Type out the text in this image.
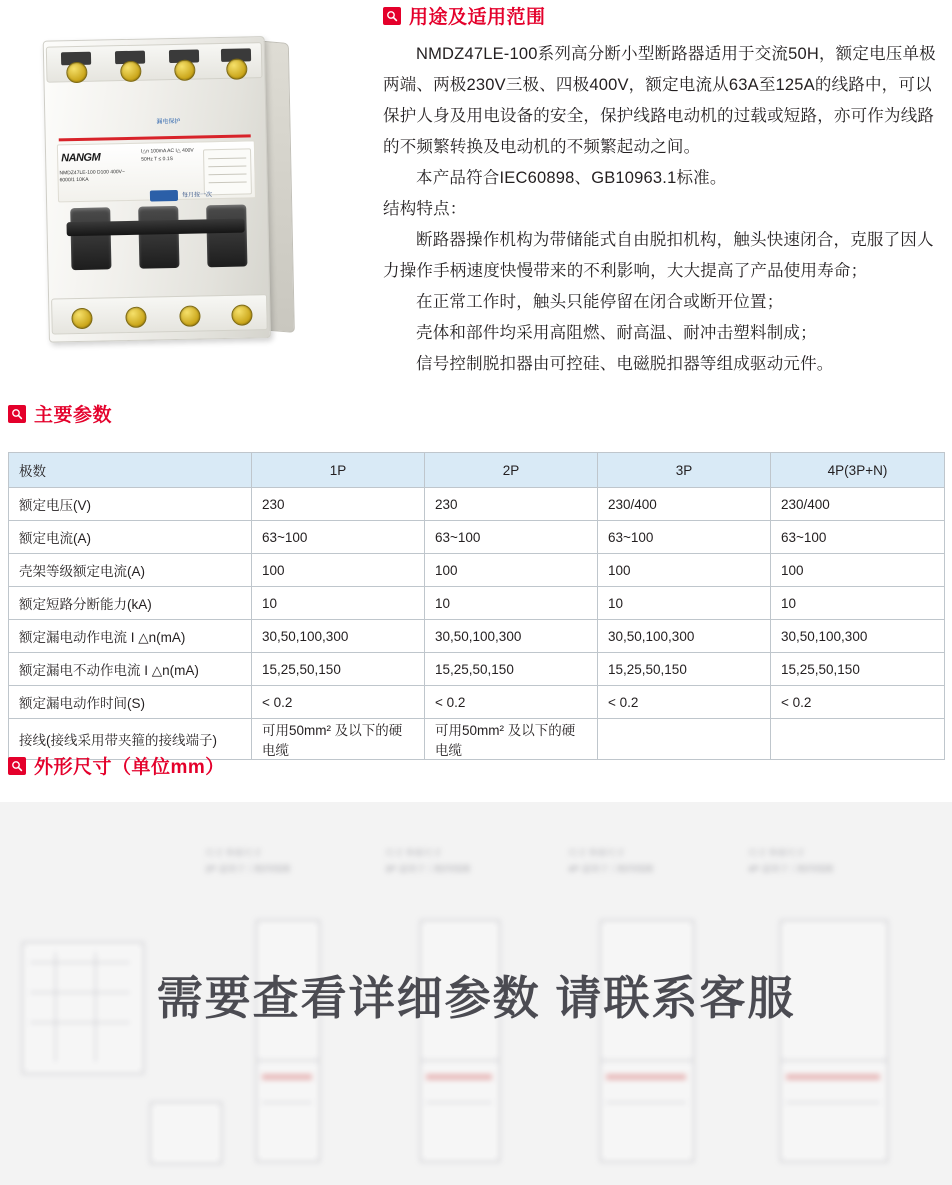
漏电保护
NANGM
NMDZ47LE-100 D100 400V~ 6000/1 10KA
I△n 100mA AC I△ 400V 50Hz T ≤ 0.1S
每月按一次
用途及适用范围

NMDZ47LE-100系列高分断小型断路器适用于交流50H，额定电压单极两端、两极230V三极、四极400V，额定电流从63A至125A的线路中，可以保护人身及用电设备的安全，保护线路电动机的过载或短路，亦可作为线路的不频繁转换及电动机的不频繁起动之间。

本产品符合IEC60898、GB10963.1标准。

结构特点：

断路器操作机构为带储能式自由脱扣机构，触头快速闭合，克服了因人力操作手柄速度快慢带来的不利影响，大大提高了产品使用寿命；

在正常工作时，触头只能停留在闭合或断开位置；

壳体和部件均采用高阻燃、耐高温、耐冲击塑料制成；

信号控制脱扣器由可控硅、电磁脱扣器等组成驱动元件。

主要参数
极数	1P	2P	3P	4P(3P+N)
额定电压(V)	230	230	230/400	230/400
额定电流(A)	63~100	63~100	63~100	63~100
壳架等级额定电流(A)	100	100	100	100
额定短路分断能力(kA)	10	10	10	10
额定漏电动作电流 I △n(mA)	30,50,100,300	30,50,100,300	30,50,100,300	30,50,100,300
额定漏电不动作电流 I △n(mA)	15,25,50,150	15,25,50,150	15,25,50,150	15,25,50,150
额定漏电动作时间(S)	< 0.2	< 0.2	< 0.2	< 0.2
接线(接线采用带夹箍的接线端子)	可用50mm² 及以下的硬电缆	可用50mm² 及以下的硬电缆		
外形尺寸（单位mm）
尺寸 外形尺寸
2P 适用于三相四线制
尺寸 外形尺寸
3P 适用于三相四线制
尺寸 外形尺寸
4P 适用于三相四线制
尺寸 外形尺寸
4P 适用于三相四线制
需要查看详细参数 请联系客服
